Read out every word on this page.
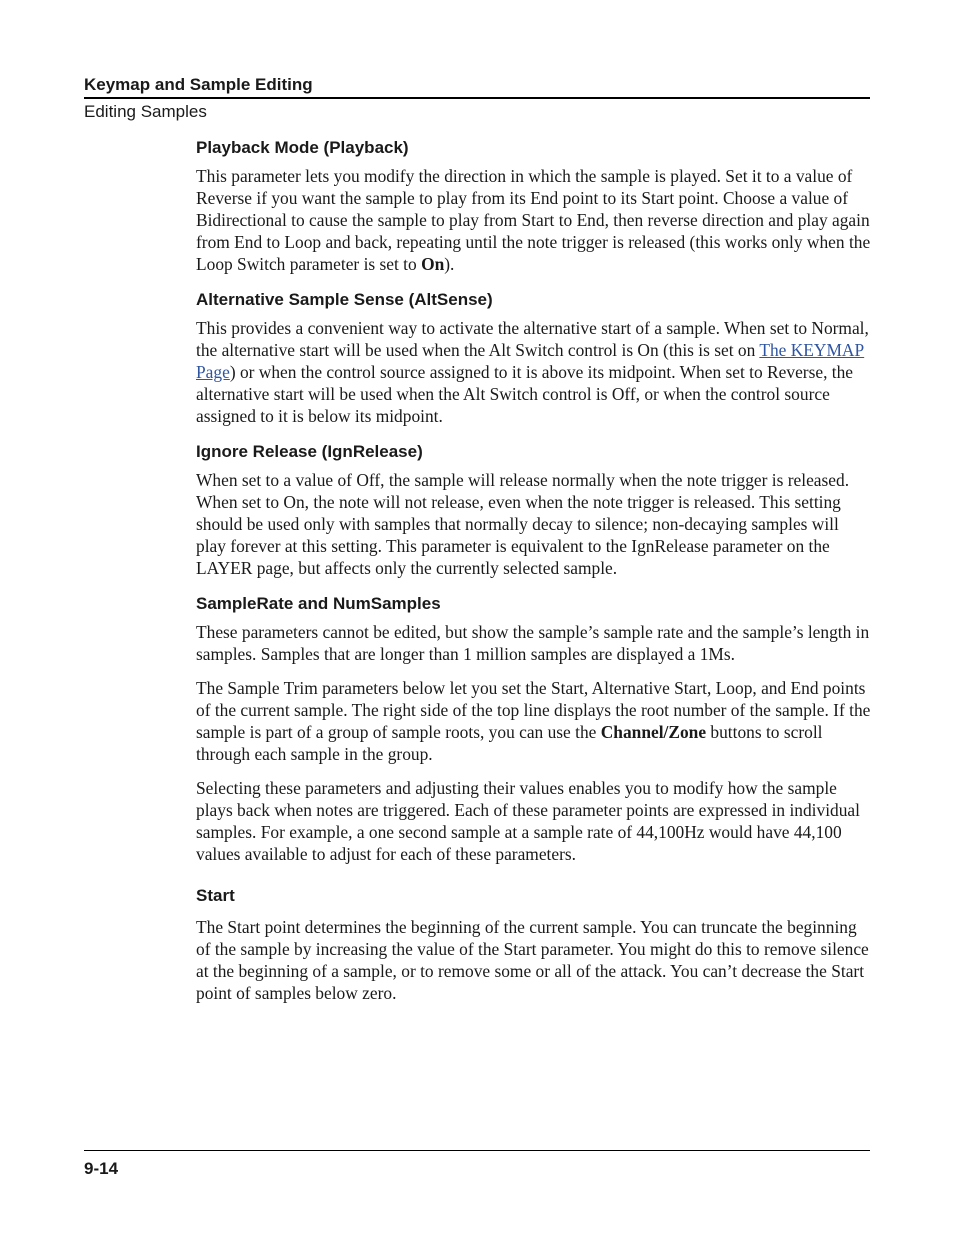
Keymap and Sample Editing
Editing Samples
Playback Mode (Playback)

This parameter lets you modify the direction in which the sample is played. Set it to a value of Reverse if you want the sample to play from its End point to its Start point. Choose a value of Bidirectional to cause the sample to play from Start to End, then reverse direction and play again from End to Loop and back, repeating until the note trigger is released (this works only when the Loop Switch parameter is set to On).

Alternative Sample Sense (AltSense)

This provides a convenient way to activate the alternative start of a sample. When set to Normal, the alternative start will be used when the Alt Switch control is On (this is set on The KEYMAP Page) or when the control source assigned to it is above its midpoint. When set to Reverse, the alternative start will be used when the Alt Switch control is Off, or when the control source assigned to it is below its midpoint.

Ignore Release (IgnRelease)

When set to a value of Off, the sample will release normally when the note trigger is released. When set to On, the note will not release, even when the note trigger is released. This setting should be used only with samples that normally decay to silence; non-decaying samples will play forever at this setting. This parameter is equivalent to the IgnRelease parameter on the LAYER page, but affects only the currently selected sample.

SampleRate and NumSamples

These parameters cannot be edited, but show the sample’s sample rate and the sample’s length in samples. Samples that are longer than 1 million samples are displayed a 1Ms.

The Sample Trim parameters below let you set the Start, Alternative Start, Loop, and End points of the current sample. The right side of the top line displays the root number of the sample. If the sample is part of a group of sample roots, you can use the Channel/Zone buttons to scroll through each sample in the group.

Selecting these parameters and adjusting their values enables you to modify how the sample plays back when notes are triggered. Each of these parameter points are expressed in individual samples. For example, a one second sample at a sample rate of 44,100Hz would have 44,100 values available to adjust for each of these parameters.

Start

The Start point determines the beginning of the current sample. You can truncate the beginning of the sample by increasing the value of the Start parameter. You might do this to remove silence at the beginning of a sample, or to remove some or all of the attack. You can’t decrease the Start point of samples below zero.

9-14
